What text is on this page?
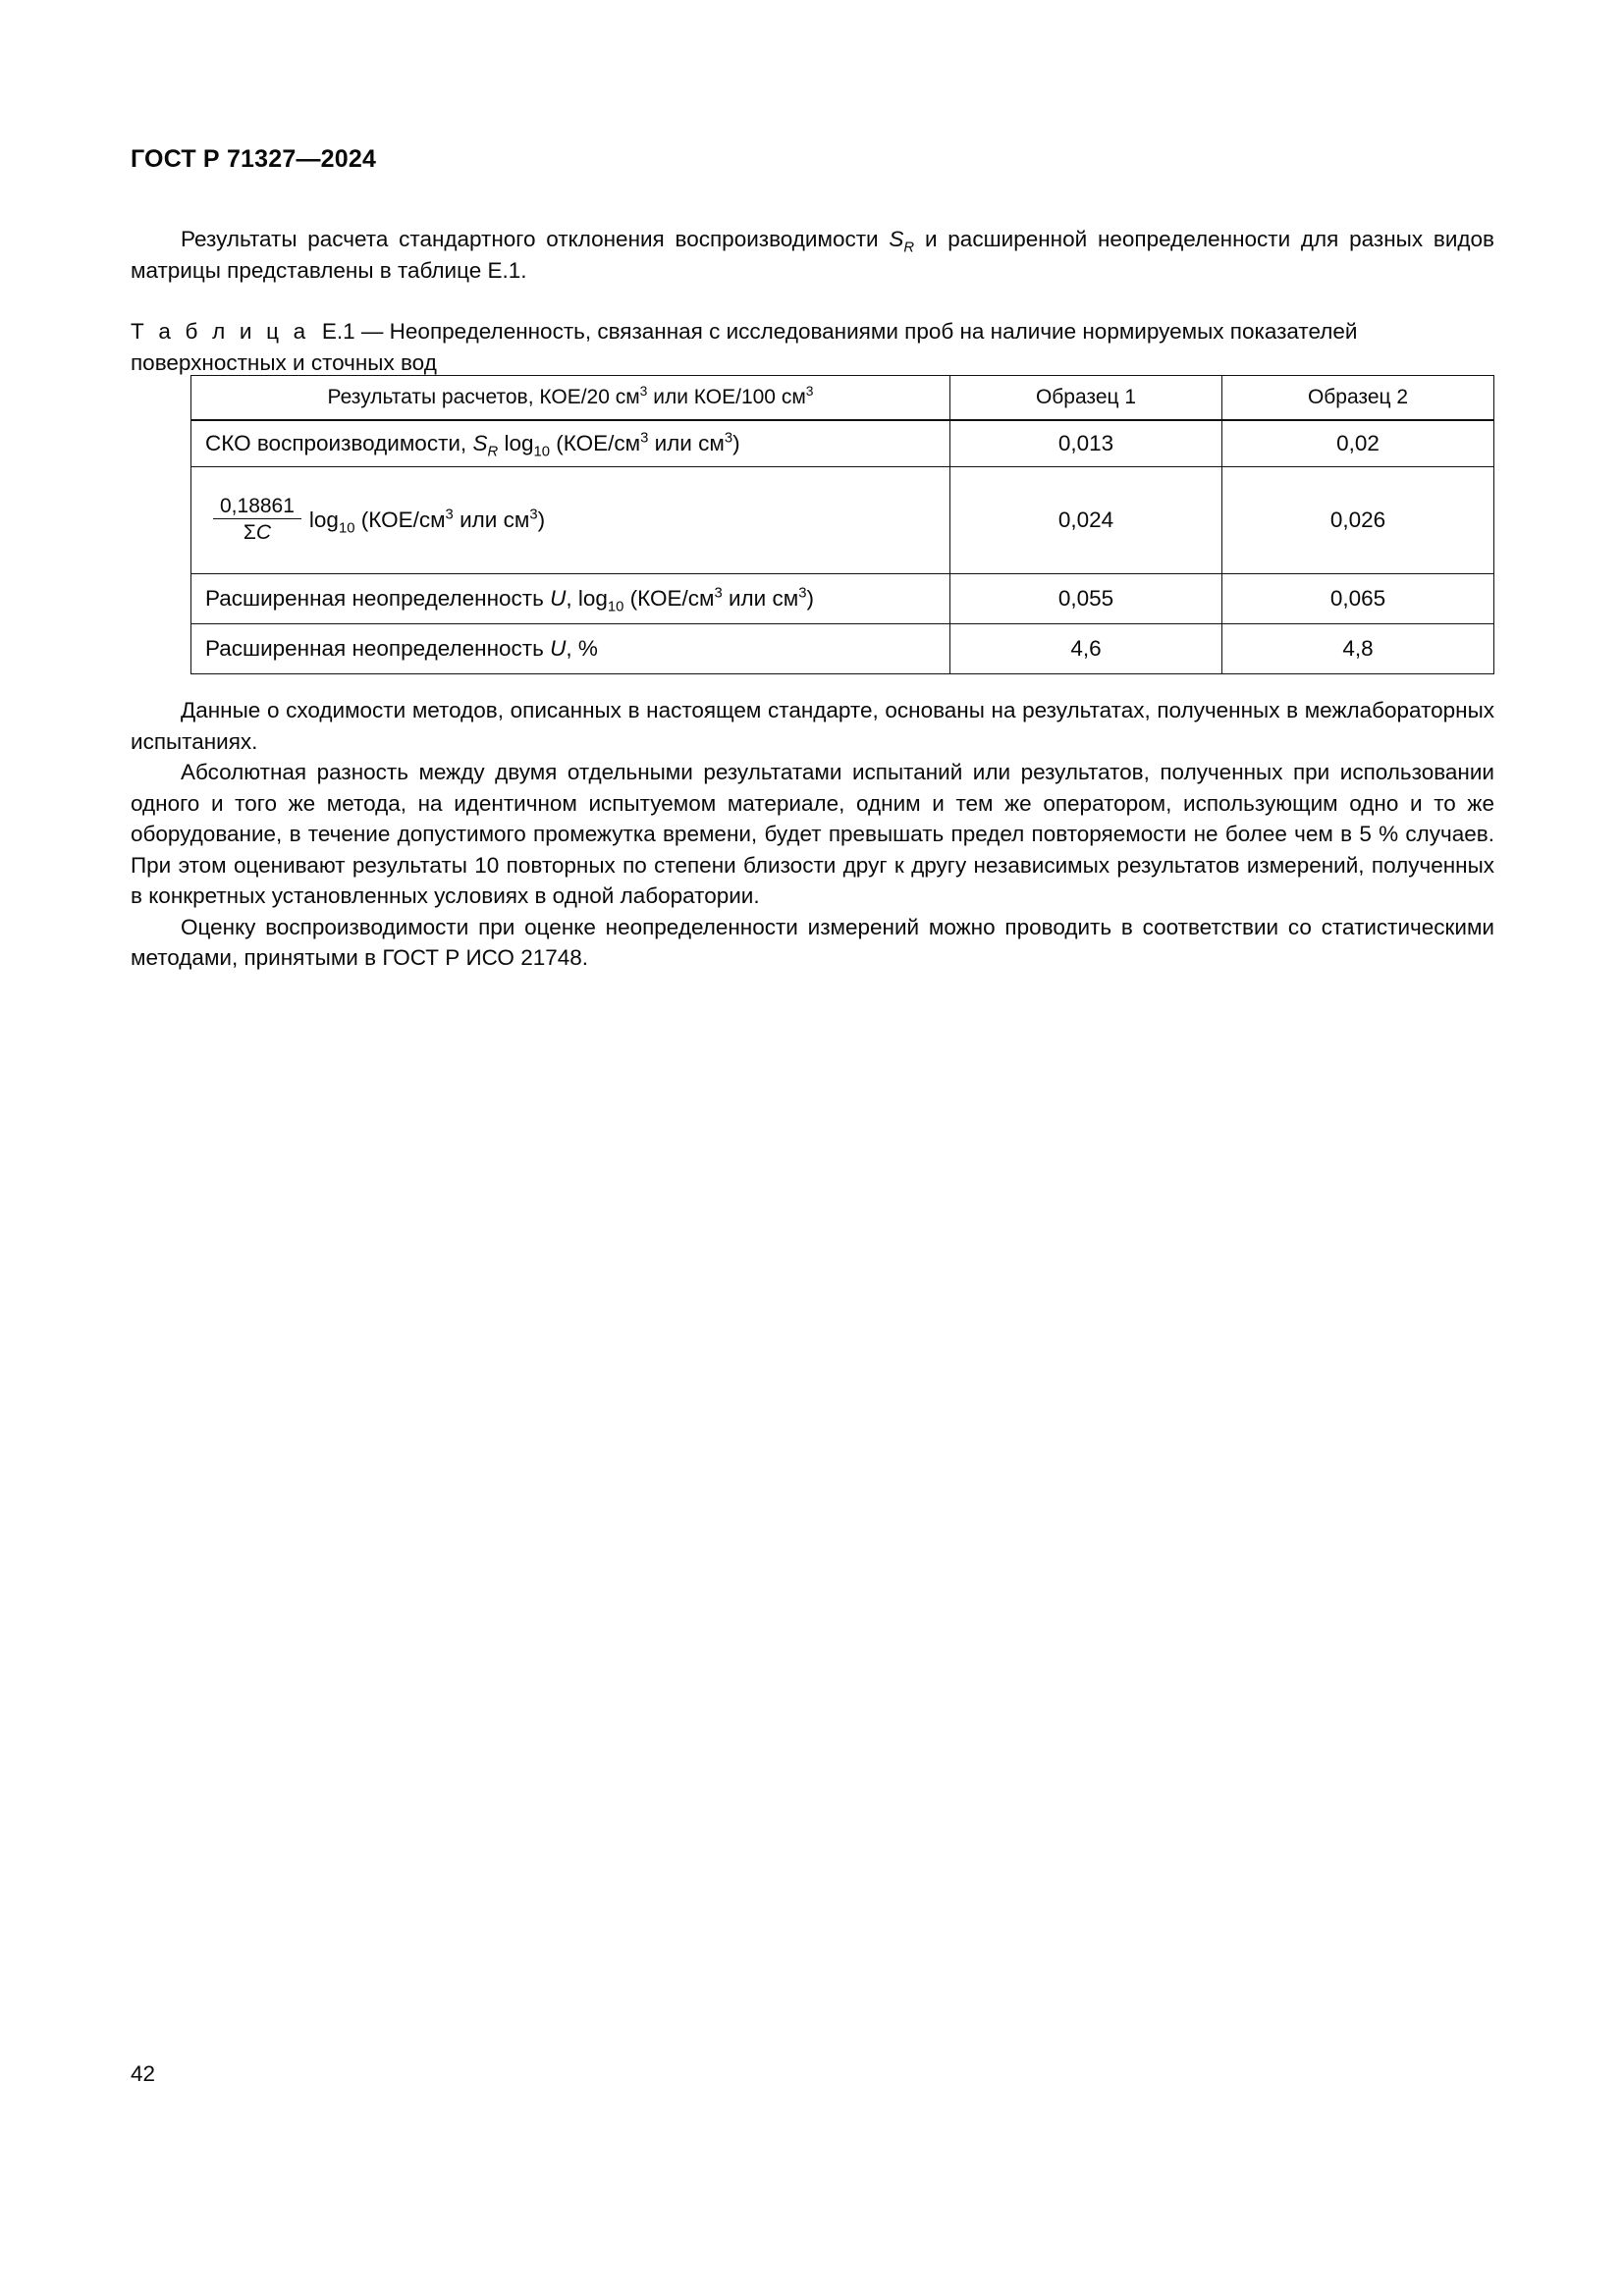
ГОСТ Р 71327—2024

Результаты расчета стандартного отклонения воспроизводимости $S_R$ и расширенной неопределенности для разных видов матрицы представлены в таблице Е.1.

Т а б л и ц а Е.1 — Неопределенность, связанная с исследованиями проб на наличие нормируемых показателей поверхностных и сточных вод
Результаты расчетов, КОЕ/20 $см^3$ или КОЕ/100 $см^3$	Образец 1	Образец 2
СКО воспроизводимости, $S_R$ $\log_{10} (КОЕ/см^3$ или $см^3$)	0,013	0,02

$\frac{0,18861}{\Sigma C} \log_{10} (КОЕ/см^3$ или $см^3$)	0,024	0,026
Расширенная неопределенность U, $\log_{10} (КОЕ/см^3$ или $см^3$)	0,055	0,065
Расширенная неопределенность U, %	4,6	4,8

Данные о сходимости методов, описанных в настоящем стандарте, основаны на результатах, полученных в межлабораторных испытаниях.

Абсолютная разность между двумя отдельными результатами испытаний или результатов, полученных при использовании одного и того же метода, на идентичном испытуемом материале, одним и тем же оператором, использующим одно и то же оборудование, в течение допустимого промежутка времени, будет превышать предел повторяемости не более чем в 5 % случаев. При этом оценивают результаты 10 повторных по степени близости друг к другу независимых результатов измерений, полученных в конкретных установленных условиях в одной лаборатории.

Оценку воспроизводимости при оценке неопределенности измерений можно проводить в соответствии со статистическими методами, принятыми в ГОСТ Р ИСО 21748.

42
